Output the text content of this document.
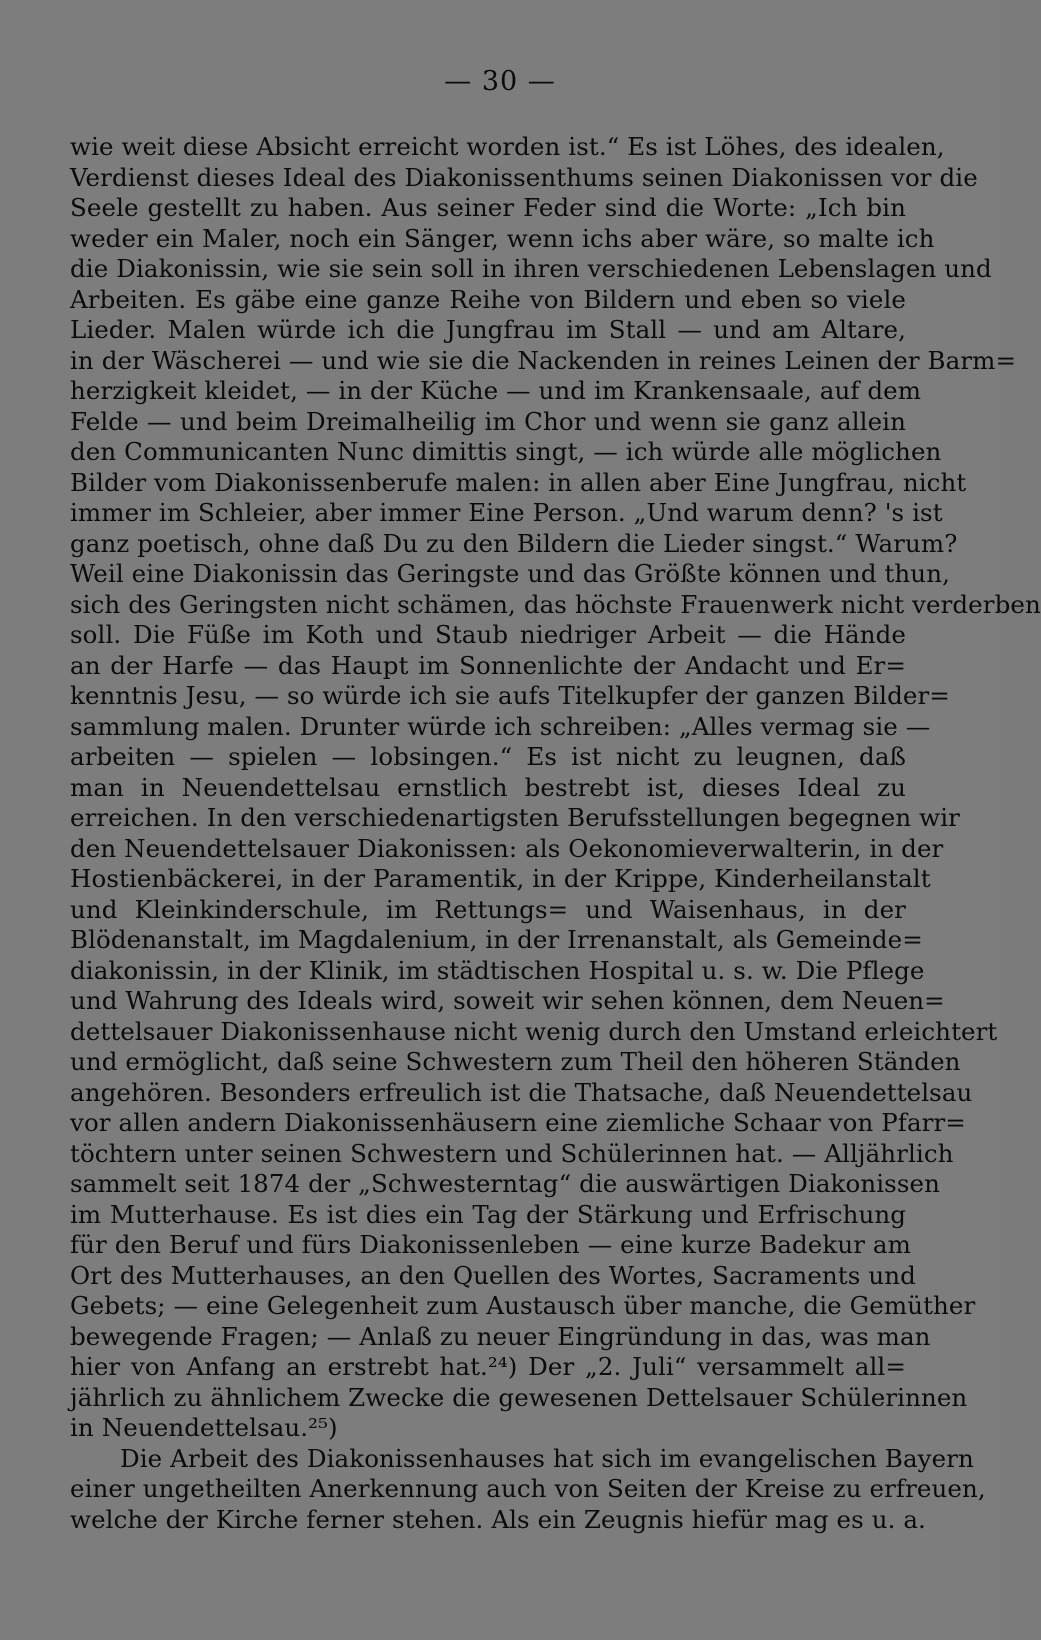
— 30 —
wie weit diese Absicht erreicht worden ist.“ Es ist Löhes, des idealen,
Verdienst dieses Ideal des Diakonissenthums seinen Diakonissen vor die
Seele gestellt zu haben. Aus seiner Feder sind die Worte: „Ich bin
weder ein Maler, noch ein Sänger, wenn ichs aber wäre, so malte ich
die Diakonissin, wie sie sein soll in ihren verschiedenen Lebenslagen und
Arbeiten. Es gäbe eine ganze Reihe von Bildern und eben so viele
Lieder. Malen würde ich die Jungfrau im Stall — und am Altare,
in der Wäscherei — und wie sie die Nackenden in reines Leinen der Barm=
herzigkeit kleidet, — in der Küche — und im Krankensaale, auf dem
Felde — und beim Dreimalheilig im Chor und wenn sie ganz allein
den Communicanten Nunc dimittis singt, — ich würde alle möglichen
Bilder vom Diakonissenberufe malen: in allen aber Eine Jungfrau, nicht
immer im Schleier, aber immer Eine Person. „Und warum denn? 's ist
ganz poetisch, ohne daß Du zu den Bildern die Lieder singst.“ Warum?
Weil eine Diakonissin das Geringste und das Größte können und thun,
sich des Geringsten nicht schämen, das höchste Frauenwerk nicht verderben
soll. Die Füße im Koth und Staub niedriger Arbeit — die Hände
an der Harfe — das Haupt im Sonnenlichte der Andacht und Er=
kenntnis Jesu, — so würde ich sie aufs Titelkupfer der ganzen Bilder=
sammlung malen. Drunter würde ich schreiben: „Alles vermag sie —
arbeiten — spielen — lobsingen.“ Es ist nicht zu leugnen, daß
man in Neuendettelsau ernstlich bestrebt ist, dieses Ideal zu
erreichen. In den verschiedenartigsten Berufsstellungen begegnen wir
den Neuendettelsauer Diakonissen: als Oekonomieverwalterin, in der
Hostienbäckerei, in der Paramentik, in der Krippe, Kinderheilanstalt
und Kleinkinderschule, im Rettungs= und Waisenhaus, in der
Blödenanstalt, im Magdalenium, in der Irrenanstalt, als Gemeinde=
diakonissin, in der Klinik, im städtischen Hospital u. s. w. Die Pflege
und Wahrung des Ideals wird, soweit wir sehen können, dem Neuen=
dettelsauer Diakonissenhause nicht wenig durch den Umstand erleichtert
und ermöglicht, daß seine Schwestern zum Theil den höheren Ständen
angehören. Besonders erfreulich ist die Thatsache, daß Neuendettelsau
vor allen andern Diakonissenhäusern eine ziemliche Schaar von Pfarr=
töchtern unter seinen Schwestern und Schülerinnen hat. — Alljährlich
sammelt seit 1874 der „Schwesterntag“ die auswärtigen Diakonissen
im Mutterhause. Es ist dies ein Tag der Stärkung und Erfrischung
für den Beruf und fürs Diakonissenleben — eine kurze Badekur am
Ort des Mutterhauses, an den Quellen des Wortes, Sacraments und
Gebets; — eine Gelegenheit zum Austausch über manche, die Gemüther
bewegende Fragen; — Anlaß zu neuer Eingründung in das, was man
hier von Anfang an erstrebt hat.²⁴) Der „2. Juli“ versammelt all=
jährlich zu ähnlichem Zwecke die gewesenen Dettelsauer Schülerinnen
in Neuendettelsau.²⁵)
Die Arbeit des Diakonissenhauses hat sich im evangelischen Bayern
einer ungetheilten Anerkennung auch von Seiten der Kreise zu erfreuen,
welche der Kirche ferner stehen. Als ein Zeugnis hiefür mag es u. a.
